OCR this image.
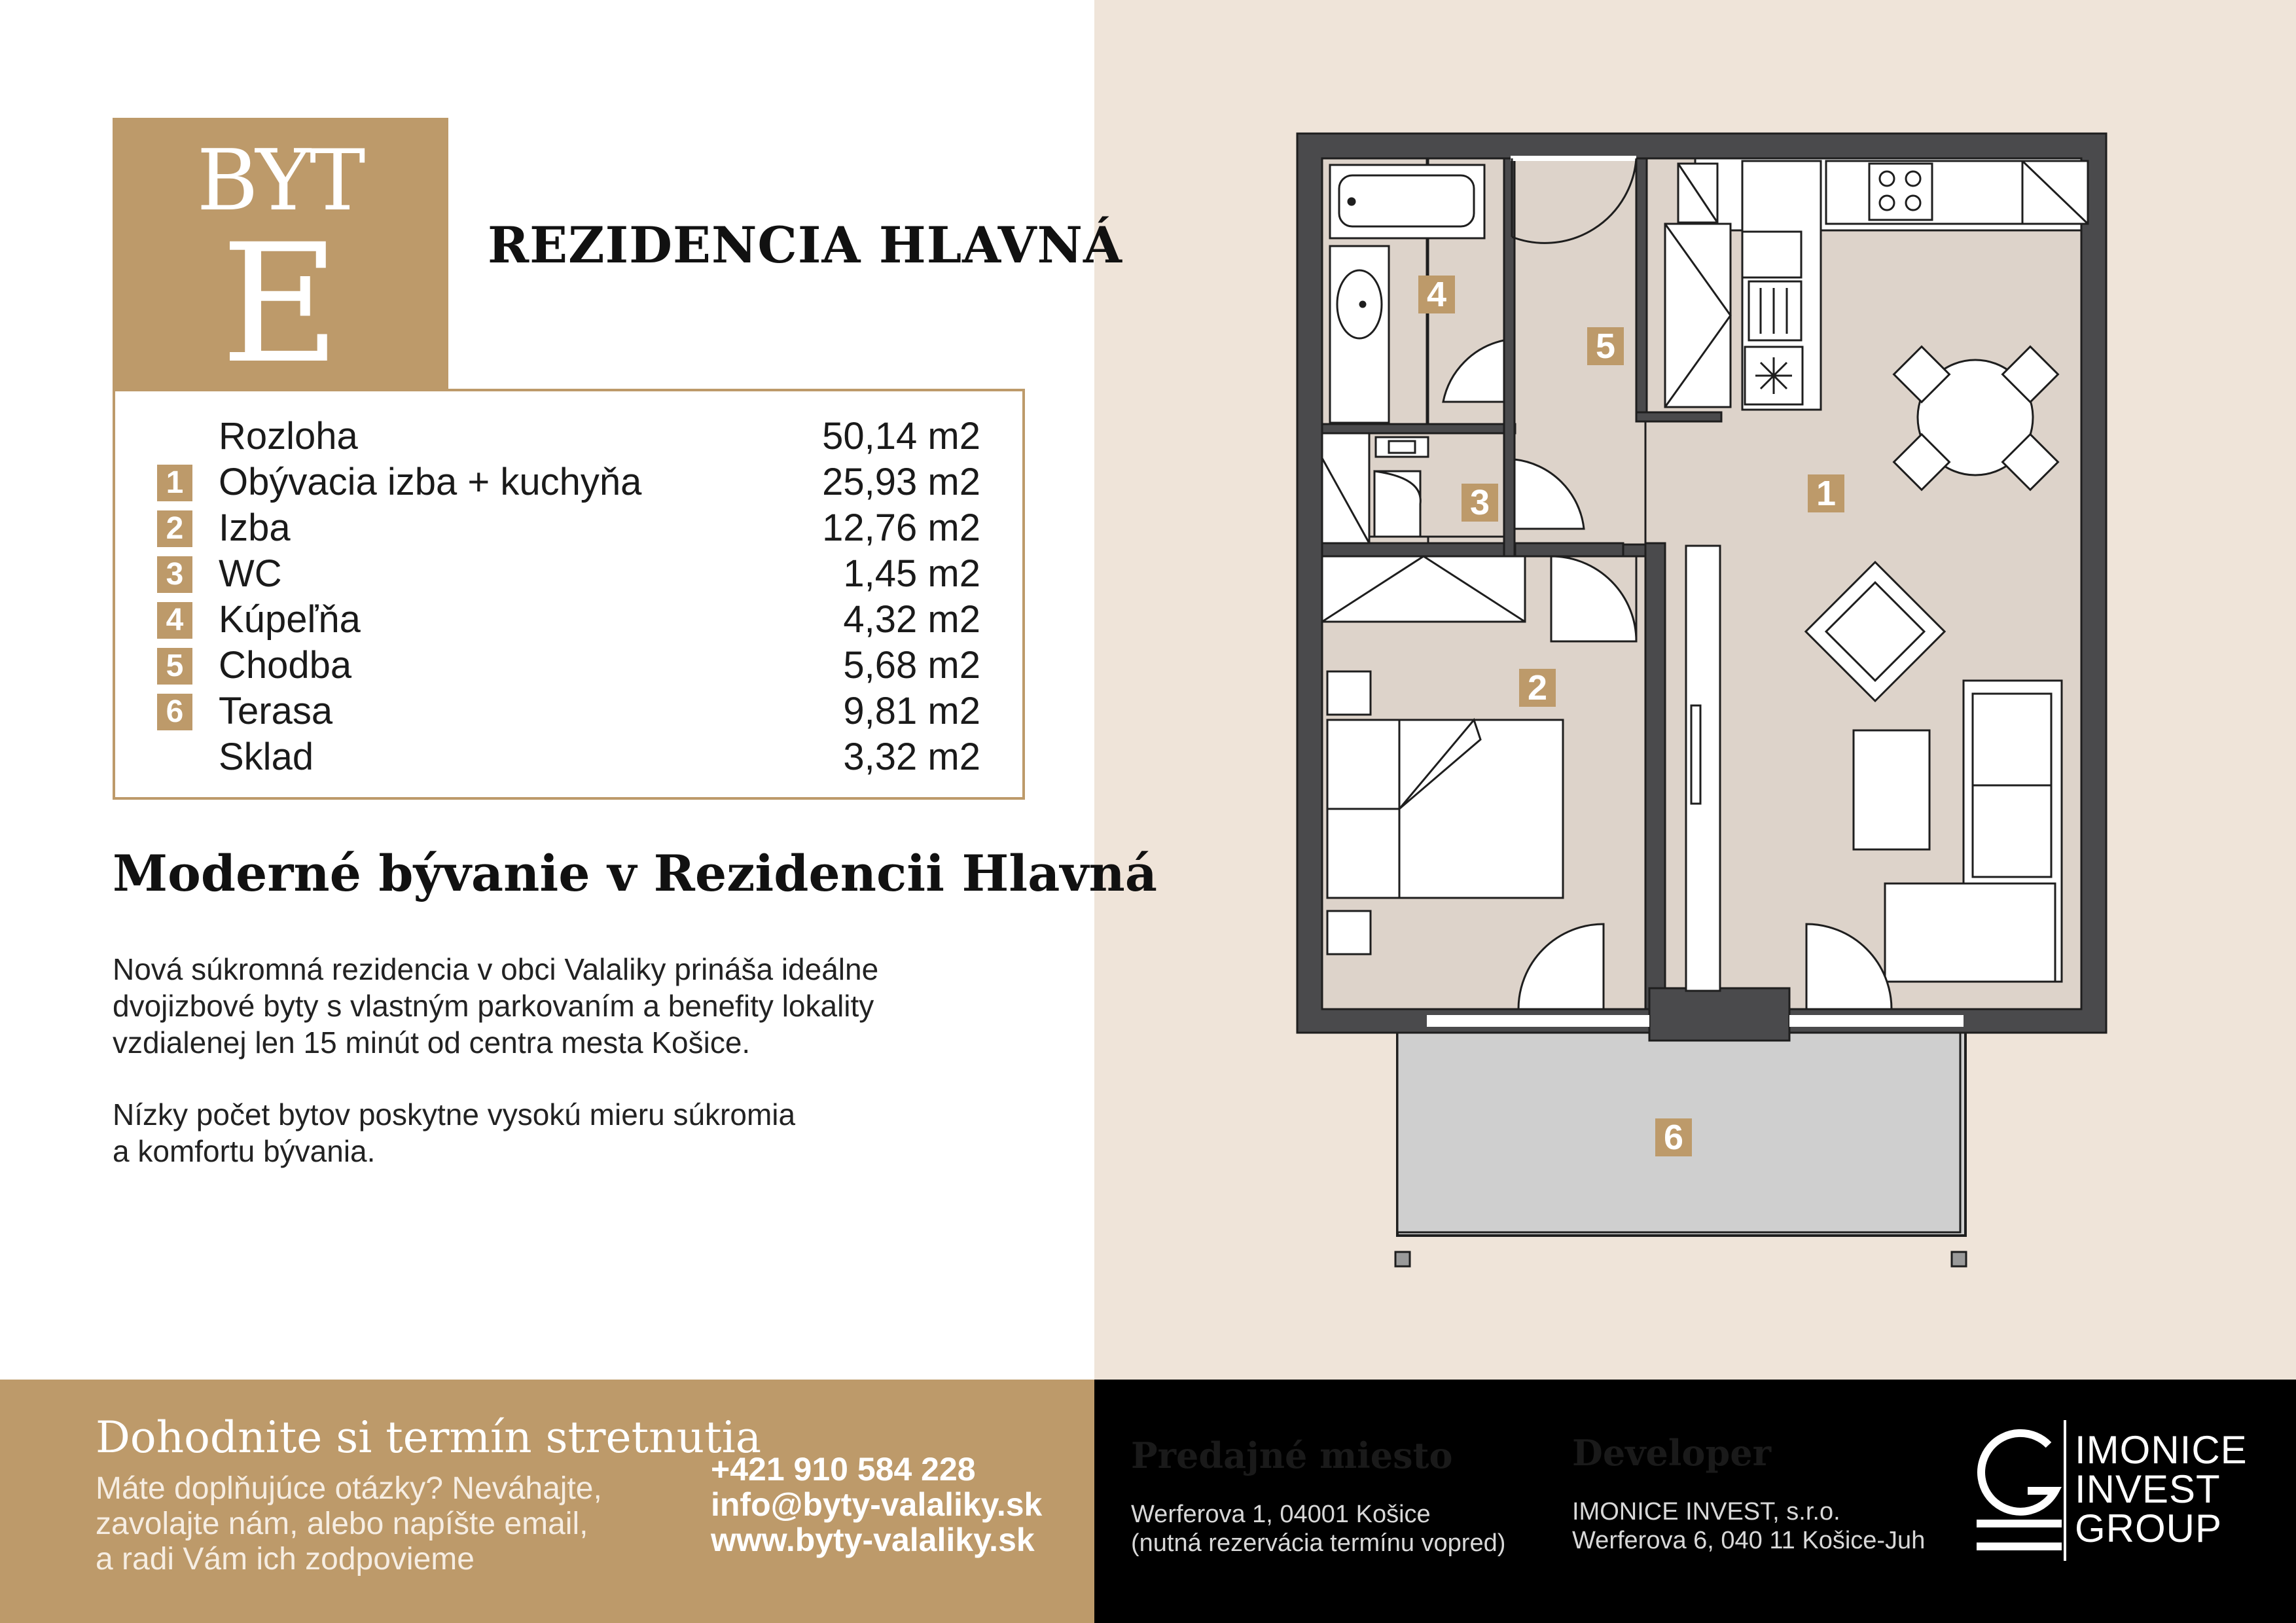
BYT
E	REZIDENCIA HLAVNÁ
Rozloha	50,14 m2
1 Obývacia izba + kuchyňa	25,93 m2
2 Izba	12,76 m2
3 WC	1,45 m2
4 Kúpeľňa	4,32 m2
5 Chodba	5,68 m2
6 Terasa	9,81 m2
Sklad	3,32 m2
Moderné bývanie v Rezidencii Hlavná
Nová súkromná rezidencia v obci Valaliky prináša ideálne
dvojizbové byty s vlastným parkovaním a benefity lokality
vzdialenej len 15 minút od centra mesta Košice.
Nízky počet bytov poskytne vysokú mieru súkromia
a komfortu bývania.
1
2
3
4
5
6
Dohodnite si termín stretnutia
Máte doplňujúce otázky? Neváhajte,
zavolajte nám, alebo napíšte email,
a radi Vám ich zodpovieme
+421 910 584 228
info@byty-valaliky.sk
www.byty-valaliky.sk
Predajné miesto
Werferova 1, 04001 Košice
(nutná rezervácia termínu vopred)
Developer
IMONICE INVEST, s.r.o.
Werferova 6, 040 11 Košice-Juh
IMONICE
INVEST
GROUP
